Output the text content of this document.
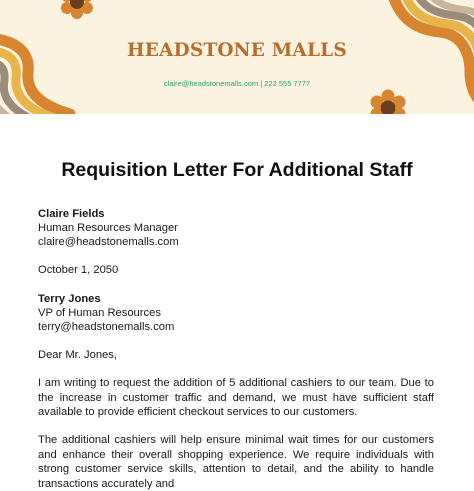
HEADSTONE MALLS
claire@headstonemalls.com | 222 555 7777
Requisition Letter For Additional Staff
Claire Fields
Human Resources Manager
claire@headstonemalls.com
October 1, 2050
Terry Jones
VP of Human Resources
terry@headstonemalls.com
Dear Mr. Jones,

I am writing to request the addition of 5 additional cashiers to our team. Due to the increase in customer traffic and demand, we must have sufficient staff available to provide efficient checkout services to our customers.

The additional cashiers will help ensure minimal wait times for our customers and enhance their overall shopping experience. We require individuals with strong customer service skills, attention to detail, and the ability to handle transactions accurately and
